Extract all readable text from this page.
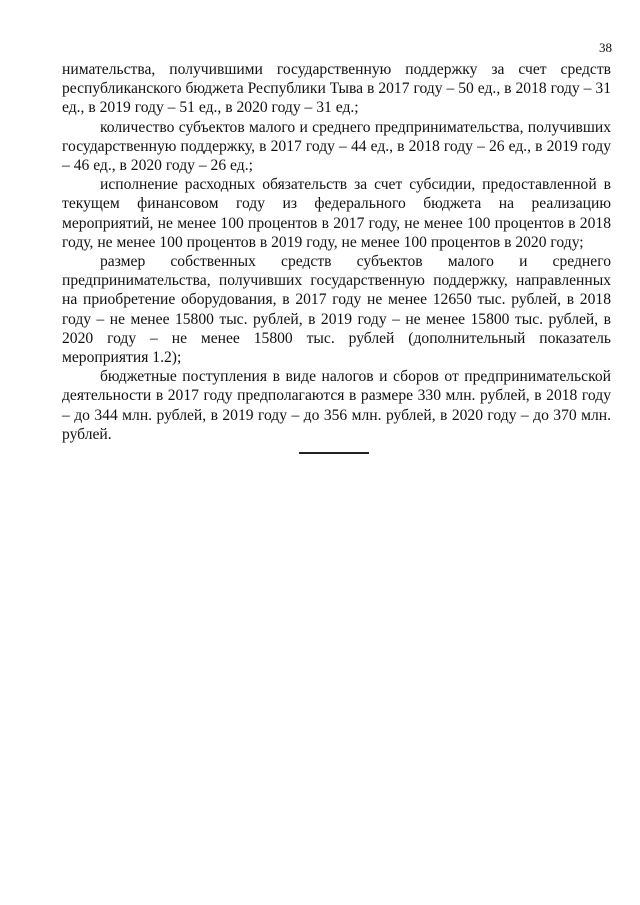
38

нимательства, получившими государственную поддержку за счет средств республиканского бюджета Республики Тыва в 2017 году – 50 ед., в 2018 году – 31 ед., в 2019 году – 51 ед., в 2020 году – 31 ед.;

количество субъектов малого и среднего предпринимательства, получивших государственную поддержку, в 2017 году – 44 ед., в 2018 году – 26 ед., в 2019 году – 46 ед., в 2020 году – 26 ед.;

исполнение расходных обязательств за счет субсидии, предоставленной в текущем финансовом году из федерального бюджета на реализацию мероприятий, не менее 100 процентов в 2017 году, не менее 100 процентов в 2018 году, не менее 100 процентов в 2019 году, не менее 100 процентов в 2020 году;

размер собственных средств субъектов малого и среднего предпринимательства, получивших государственную поддержку, направленных на приобретение оборудования, в 2017 году не менее 12650 тыс. рублей, в 2018 году – не менее 15800 тыс. рублей, в 2019 году – не менее 15800 тыс. рублей, в 2020 году – не менее 15800 тыс. рублей (дополнительный показатель мероприятия 1.2);

бюджетные поступления в виде налогов и сборов от предпринимательской деятельности в 2017 году предполагаются в размере 330 млн. рублей, в 2018 году – до 344 млн. рублей, в 2019 году – до 356 млн. рублей, в 2020 году – до 370 млн. рублей.
